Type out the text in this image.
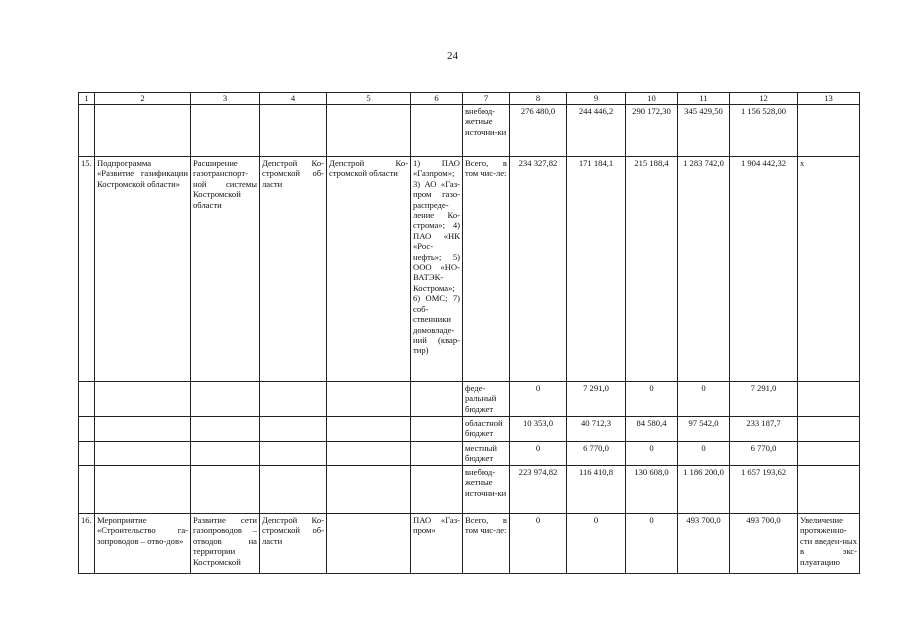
24
1	2	3	4	5	6	7	8	9	10	11	12	13
						внебюд-жетные источни-ки	276 480,0	244 446,2	290 172,30	345 429,50	1 156 528,00	
15.	Подпрограмма «Развитие газификации Костромской области»	Расширение газотранспорт-ной системы Костромской области	Депстрой Ко-стромской об-ласти	Депстрой Ко-стромской области	1) ПАО «Газпром»; 3) АО «Газ-пром газо-распреде-ление Ко-строма»; 4) ПАО «НК «Рос-нефть»; 5) ООО «НО-ВАТЭК-Кострома»; 6) ОМС; 7) соб-ственники домовладе-ний (квар-тир)	Всего, в том чис-ле:	234 327,82	171 184,1	215 188,4	1 283 742,0	1 904 442,32	х
						феде-ральный бюджет	0	7 291,0	0	0	7 291,0	
						областной бюджет	10 353,0	40 712,3	84 580,4	97 542,0	233 187,7	
						местный бюджет	0	6 770,0	0	0	6 770,0	
						внебюд-жетные источни-ки	223 974,82	116 410,8	130 608,0	1 186 200,0	1 657 193,62	
16.	Мероприятие «Строительство га-зопроводов – отво-дов»	Развитие сети газопроводов – отводов на территории Костромской	Депстрой Ко-стромской об-ласти		ПАО «Газ-пром»	Всего, в том чис-ле:	0	0	0	493 700,0	493 700,0	Увеличение протяженно-сти введен-ных в экс-плуатацию
